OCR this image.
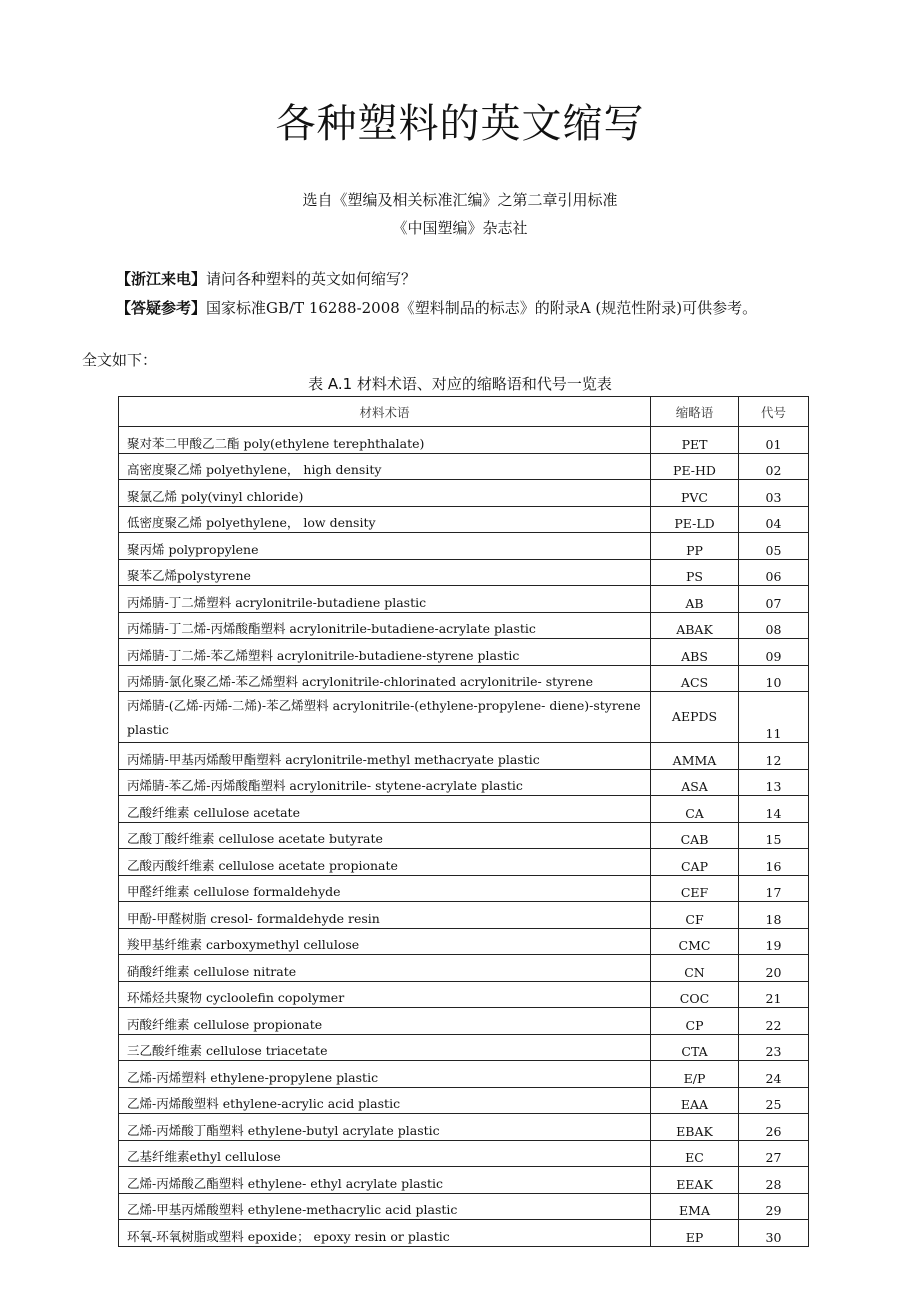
各种塑料的英文缩写
选自《塑编及相关标准汇编》之第二章引用标准
《中国塑编》杂志社
【浙江来电】请问各种塑料的英文如何缩写？
【答疑参考】国家标准GB/T 16288-2008《塑料制品的标志》的附录A (规范性附录)可供参考。
全文如下：
表 A.1 材料术语、对应的缩略语和代号一览表
材料术语	缩略语	代号
聚对苯二甲酸乙二酯 poly(ethylene terephthalate)	PET	01
高密度聚乙烯 polyethylene， high density	PE-HD	02
聚氯乙烯 poly(vinyl chloride)	PVC	03
低密度聚乙烯 polyethylene， low density	PE-LD	04
聚丙烯 polypropylene	PP	05
聚苯乙烯polystyrene	PS	06
丙烯腈-丁二烯塑料 acrylonitrile-butadiene plastic	AB	07
丙烯腈-丁二烯-丙烯酸酯塑料 acrylonitrile-butadiene-acrylate plastic	ABAK	08
丙烯腈-丁二烯-苯乙烯塑料 acrylonitrile-butadiene-styrene plastic	ABS	09
丙烯腈-氯化聚乙烯-苯乙烯塑料 acrylonitrile-chlorinated acrylonitrile- styrene	ACS	10
丙烯腈-(乙烯-丙烯-二烯)-苯乙烯塑料 acrylonitrile-(ethylene-propylene- diene)-styrene plastic	AEPDS	11
丙烯腈-甲基丙烯酸甲酯塑料 acrylonitrile-methyl methacryate plastic	AMMA	12
丙烯腈-苯乙烯-丙烯酸酯塑料 acrylonitrile- stytene-acrylate plastic	ASA	13
乙酸纤维素 cellulose acetate	CA	14
乙酸丁酸纤维素 cellulose acetate butyrate	CAB	15
乙酸丙酸纤维素 cellulose acetate propionate	CAP	16
甲醛纤维素 cellulose formaldehyde	CEF	17
甲酚-甲醛树脂 cresol- formaldehyde resin	CF	18
羧甲基纤维素 carboxymethyl cellulose	CMC	19
硝酸纤维素 cellulose nitrate	CN	20
环烯烃共聚物 cycloolefin copolymer	COC	21
丙酸纤维素 cellulose propionate	CP	22
三乙酸纤维素 cellulose triacetate	CTA	23
乙烯-丙烯塑料 ethylene-propylene plastic	E/P	24
乙烯-丙烯酸塑料 ethylene-acrylic acid plastic	EAA	25
乙烯-丙烯酸丁酯塑料 ethylene-butyl acrylate plastic	EBAK	26
乙基纤维素ethyl cellulose	EC	27
乙烯-丙烯酸乙酯塑料 ethylene- ethyl acrylate plastic	EEAK	28
乙烯-甲基丙烯酸塑料 ethylene-methacrylic acid plastic	EMA	29
环氧-环氧树脂或塑料 epoxide； epoxy resin or plastic	EP	30
